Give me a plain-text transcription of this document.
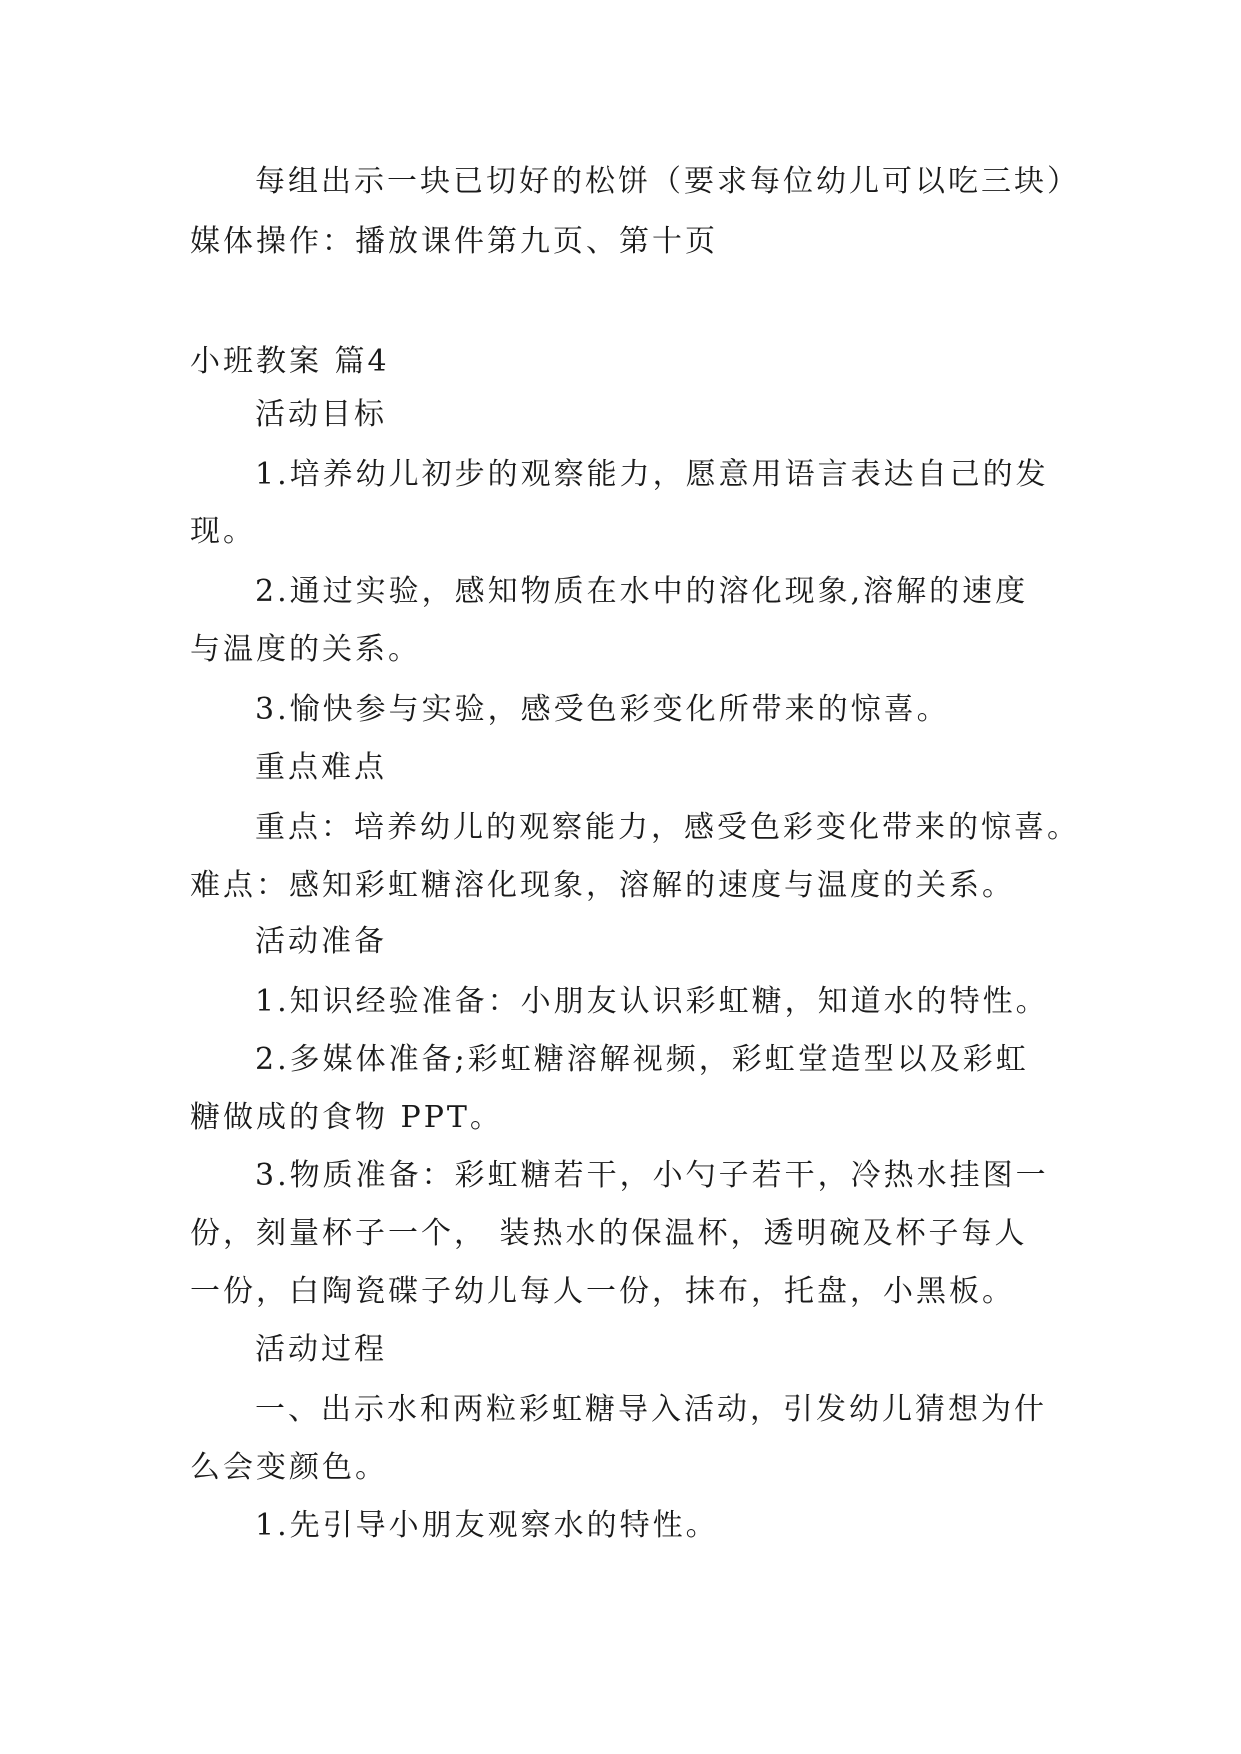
每组出示一块已切好的松饼（要求每位幼儿可以吃三块）
媒体操作：播放课件第九页、第十页
小班教案 篇4
活动目标
1.培养幼儿初步的观察能力，愿意用语言表达自己的发
现。
2.通过实验，感知物质在水中的溶化现象,溶解的速度
与温度的关系。
3.愉快参与实验，感受色彩变化所带来的惊喜。
重点难点
重点：培养幼儿的观察能力，感受色彩变化带来的惊喜。
难点：感知彩虹糖溶化现象，溶解的速度与温度的关系。
活动准备
1.知识经验准备：小朋友认识彩虹糖，知道水的特性。
2.多媒体准备;彩虹糖溶解视频，彩虹堂造型以及彩虹
糖做成的食物 PPT。
3.物质准备：彩虹糖若干，小勺子若干，冷热水挂图一
份，刻量杯子一个， 装热水的保温杯，透明碗及杯子每人
一份，白陶瓷碟子幼儿每人一份，抹布，托盘，小黑板。
活动过程
一、出示水和两粒彩虹糖导入活动，引发幼儿猜想为什
么会变颜色。
1.先引导小朋友观察水的特性。
